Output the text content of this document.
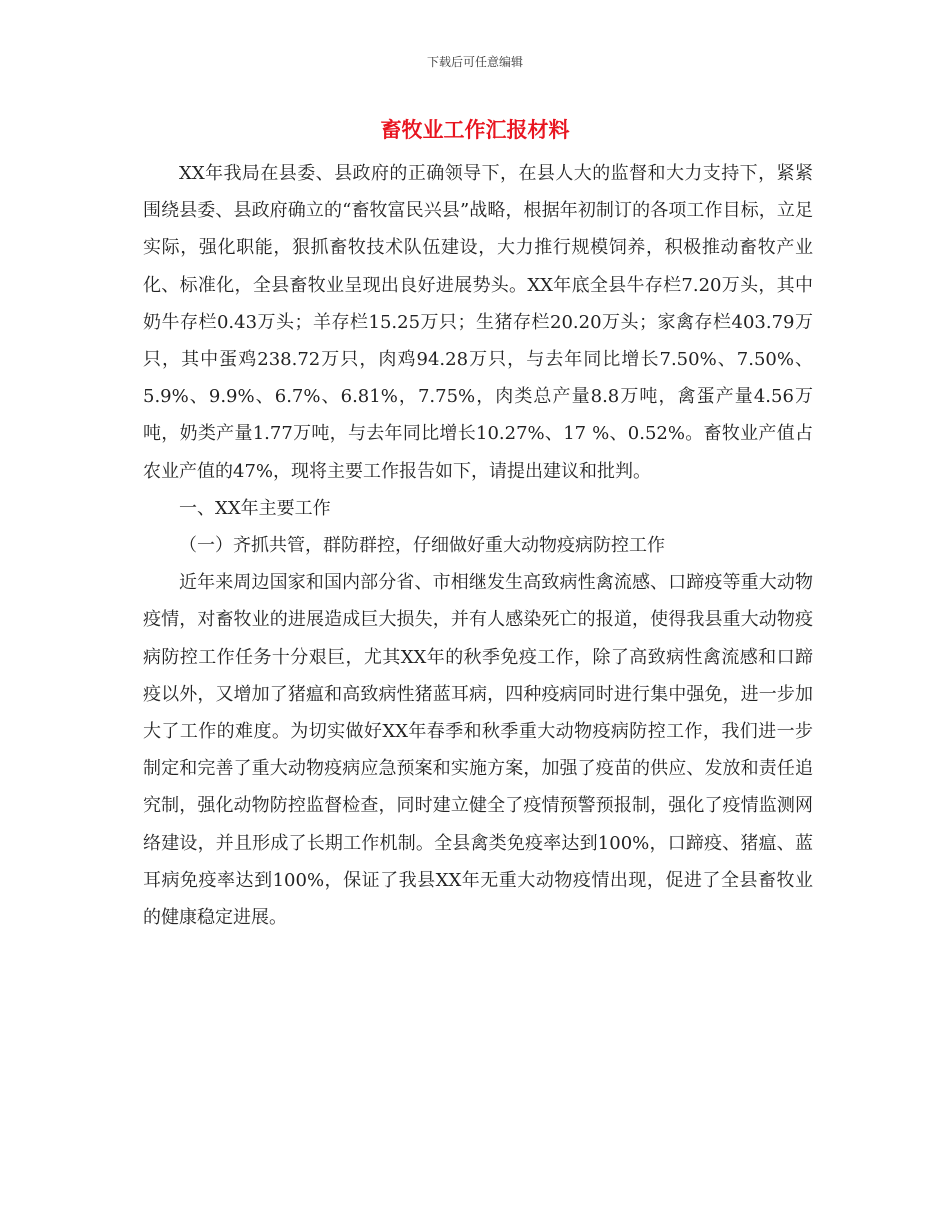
下载后可任意编辑
畜牧业工作汇报材料

XX年我局在县委、县政府的正确领导下，在县人大的监督和大力支持下，紧紧围绕县委、县政府确立的“畜牧富民兴县”战略，根据年初制订的各项工作目标，立足实际，强化职能，狠抓畜牧技术队伍建设，大力推行规模饲养，积极推动畜牧产业化、标准化，全县畜牧业呈现出良好进展势头。XX年底全县牛存栏7.20万头，其中奶牛存栏0.43万头；羊存栏15.25万只；生猪存栏20.20万头；家禽存栏403.79万只，其中蛋鸡238.72万只，肉鸡94.28万只，与去年同比增长7.50%、7.50%、5.9%、9.9%、6.7%、6.81%，7.75%，肉类总产量8.8万吨，禽蛋产量4.56万吨，奶类产量1.77万吨，与去年同比增长10.27%、17 %、0.52%。畜牧业产值占农业产值的47%，现将主要工作报告如下，请提出建议和批判。

一、XX年主要工作

（一）齐抓共管，群防群控，仔细做好重大动物疫病防控工作

近年来周边国家和国内部分省、市相继发生高致病性禽流感、口蹄疫等重大动物疫情，对畜牧业的进展造成巨大损失，并有人感染死亡的报道，使得我县重大动物疫病防控工作任务十分艰巨，尤其XX年的秋季免疫工作，除了高致病性禽流感和口蹄疫以外，又增加了猪瘟和高致病性猪蓝耳病，四种疫病同时进行集中强免，进一步加大了工作的难度。为切实做好XX年春季和秋季重大动物疫病防控工作，我们进一步制定和完善了重大动物疫病应急预案和实施方案，加强了疫苗的供应、发放和责任追究制，强化动物防控监督检查，同时建立健全了疫情预警预报制，强化了疫情监测网络建设，并且形成了长期工作机制。全县禽类免疫率达到100%，口蹄疫、猪瘟、蓝耳病免疫率达到100%，保证了我县XX年无重大动物疫情出现，促进了全县畜牧业的健康稳定进展。
